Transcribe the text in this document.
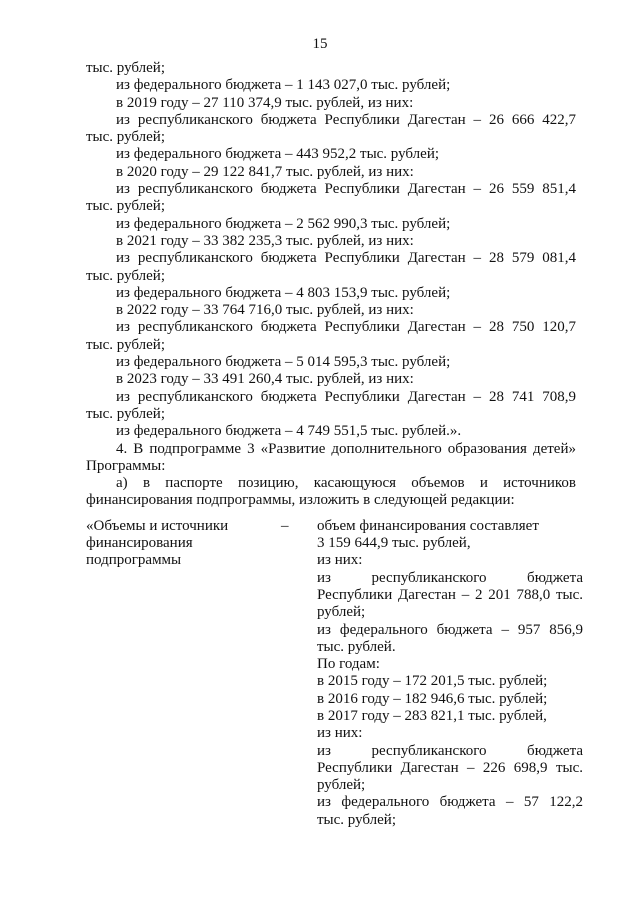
15
тыс. рублей;
из федерального бюджета – 1 143 027,0 тыс. рублей;
в 2019 году – 27 110 374,9 тыс. рублей, из них:
из республиканского бюджета Республики Дагестан – 26 666 422,7
тыс. рублей;
из федерального бюджета – 443 952,2 тыс. рублей;
в 2020 году – 29 122 841,7 тыс. рублей, из них:
из республиканского бюджета Республики Дагестан – 26 559 851,4
тыс. рублей;
из федерального бюджета – 2 562 990,3 тыс. рублей;
в 2021 году – 33 382 235,3 тыс. рублей, из них:
из республиканского бюджета Республики Дагестан – 28 579 081,4
тыс. рублей;
из федерального бюджета – 4 803 153,9 тыс. рублей;
в 2022 году – 33 764 716,0 тыс. рублей, из них:
из республиканского бюджета Республики Дагестан – 28 750 120,7
тыс. рублей;
из федерального бюджета – 5 014 595,3 тыс. рублей;
в 2023 году – 33 491 260,4 тыс. рублей, из них:
из республиканского бюджета Республики Дагестан – 28 741 708,9
тыс. рублей;
из федерального бюджета – 4 749 551,5 тыс. рублей.».
4. В подпрограмме 3 «Развитие дополнительного образования детей»
Программы:
а) в паспорте позицию, касающуюся объемов и источников
финансирования подпрограммы, изложить в следующей редакции:
«Объемы и источники
финансирования
подпрограммы
– объем финансирования составляет
3 159 644,9 тыс. рублей,
из них:
из республиканского бюджета
Республики Дагестан – 2 201 788,0 тыс.
рублей;
из федерального бюджета – 957 856,9
тыс. рублей.
По годам:
в 2015 году – 172 201,5 тыс. рублей;
в 2016 году – 182 946,6 тыс. рублей;
в 2017 году – 283 821,1 тыс. рублей,
из них:
из республиканского бюджета
Республики Дагестан – 226 698,9 тыс.
рублей;
из федерального бюджета – 57 122,2
тыс. рублей;
